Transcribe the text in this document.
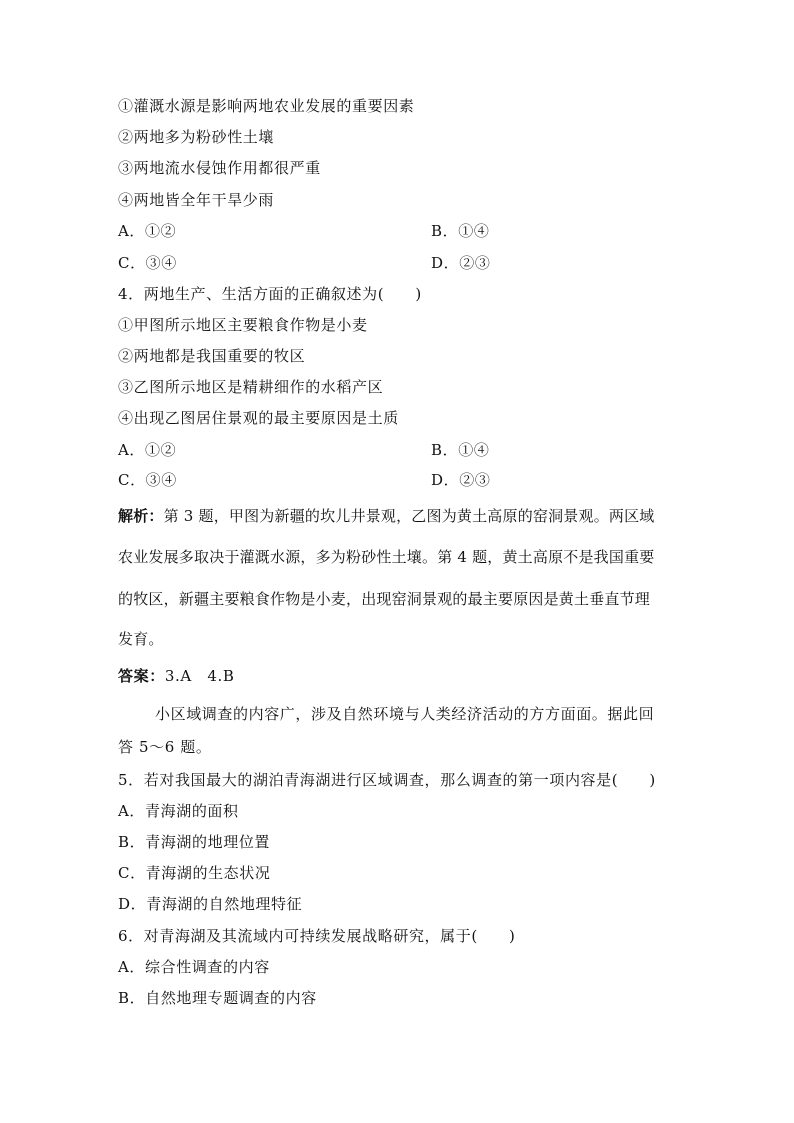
①灌溉水源是影响两地农业发展的重要因素
②两地多为粉砂性土壤
③两地流水侵蚀作用都很严重
④两地皆全年干旱少雨
A．①②	B．①④
C．③④	D．②③
4．两地生产、生活方面的正确叙述为(　　)
①甲图所示地区主要粮食作物是小麦
②两地都是我国重要的牧区
③乙图所示地区是精耕细作的水稻产区
④出现乙图居住景观的最主要原因是土质
A．①②	B．①④
C．③④	D．②③
解析：第 3 题，甲图为新疆的坎儿井景观，乙图为黄土高原的窑洞景观。两区域
农业发展多取决于灌溉水源，多为粉砂性土壤。第 4 题，黄土高原不是我国重要
的牧区，新疆主要粮食作物是小麦，出现窑洞景观的最主要原因是黄土垂直节理
发育。
答案：3.A　4.B
小区域调查的内容广，涉及自然环境与人类经济活动的方方面面。据此回
答 5～6 题。
5．若对我国最大的湖泊青海湖进行区域调查，那么调查的第一项内容是(　　)
A．青海湖的面积
B．青海湖的地理位置
C．青海湖的生态状况
D．青海湖的自然地理特征
6．对青海湖及其流域内可持续发展战略研究，属于(　　)
A．综合性调查的内容
B．自然地理专题调查的内容
